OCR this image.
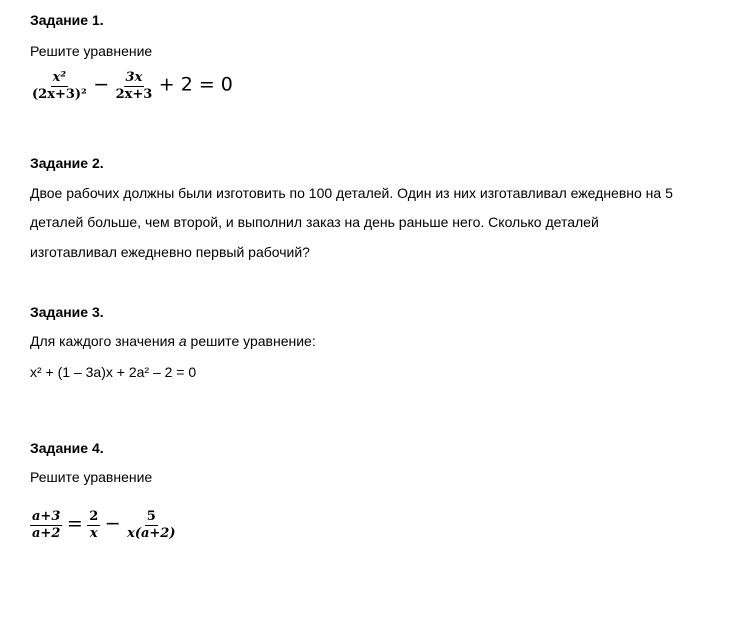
Задание 1.
Решите уравнение
$\frac{\text{x²}}{\text{(2x+3)²}} - \frac{3x}{2x+3} + 2 = 0$
Задание 2.
Двое рабочих должны были изготовить по 100 деталей. Один из них изготавливал ежедневно на 5
деталей больше, чем второй, и выполнил заказ на день раньше него. Сколько деталей
изготавливал ежедневно первый рабочий?
Задание 3.
Для каждого значения a решите уравнение:
x² + (1 – 3a)x + 2a² – 2 = 0
Задание 4.
Решите уравнение
$\frac{a+3}{a+2} = \frac{2}{x} - \frac{5}{x(a+2)}$
